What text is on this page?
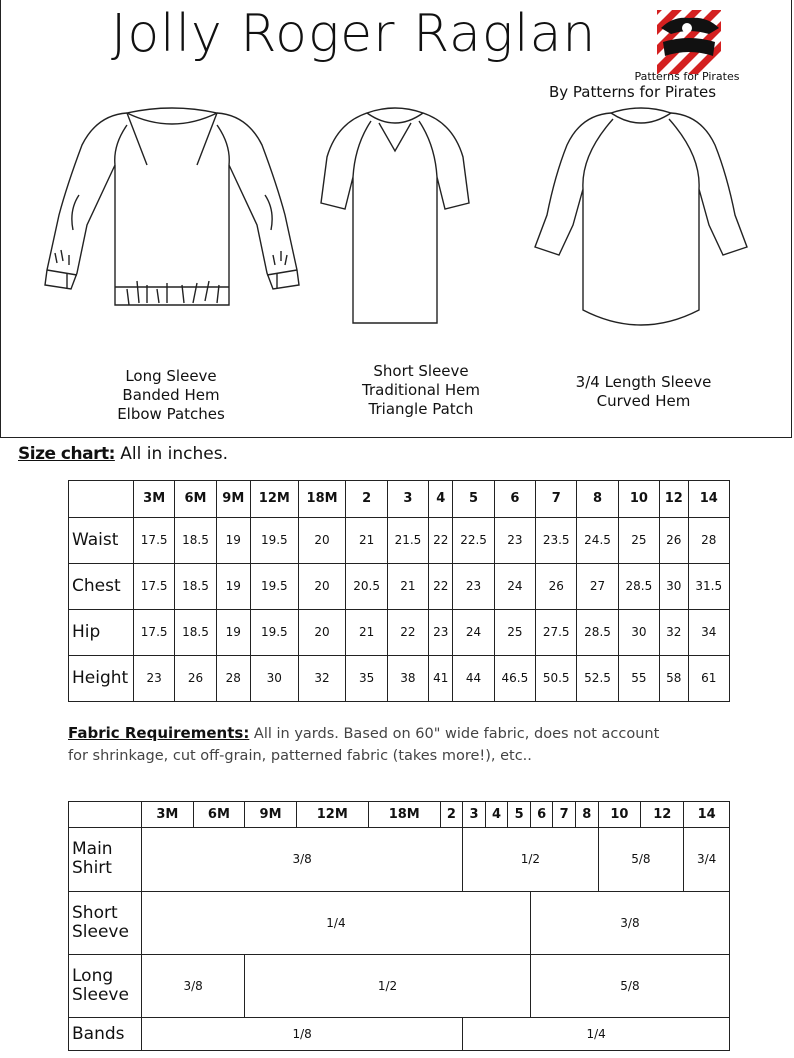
Jolly Roger Raglan
Patterns for Pirates
By Patterns for Pirates
Long Sleeve
Banded Hem
Elbow Patches
Short Sleeve
Traditional Hem
Triangle Patch
3/4 Length Sleeve
Curved Hem
Size chart: All in inches.
	3M	6M	9M	12M	18M	2	3	4	5	6	7	8	10	12	14
Waist	17.5	18.5	19	19.5	20	21	21.5	22	22.5	23	23.5	24.5	25	26	28
Chest	17.5	18.5	19	19.5	20	20.5	21	22	23	24	26	27	28.5	30	31.5
Hip	17.5	18.5	19	19.5	20	21	22	23	24	25	27.5	28.5	30	32	34
Height	23	26	28	30	32	35	38	41	44	46.5	50.5	52.5	55	58	61
Fabric Requirements: All in yards. Based on 60" wide fabric, does not account
for shrinkage, cut off-grain, patterned fabric (takes more!), etc..
	3M	6M	9M	12M	18M	2	3	4	5	6	7	8	10	12	14

Main
Shirt	3/8						1/2						5/8		3/4

Short
Sleeve	1/4									3/8					

Long
Sleeve	3/8		1/2							5/8					

Bands	1/8						1/4								
